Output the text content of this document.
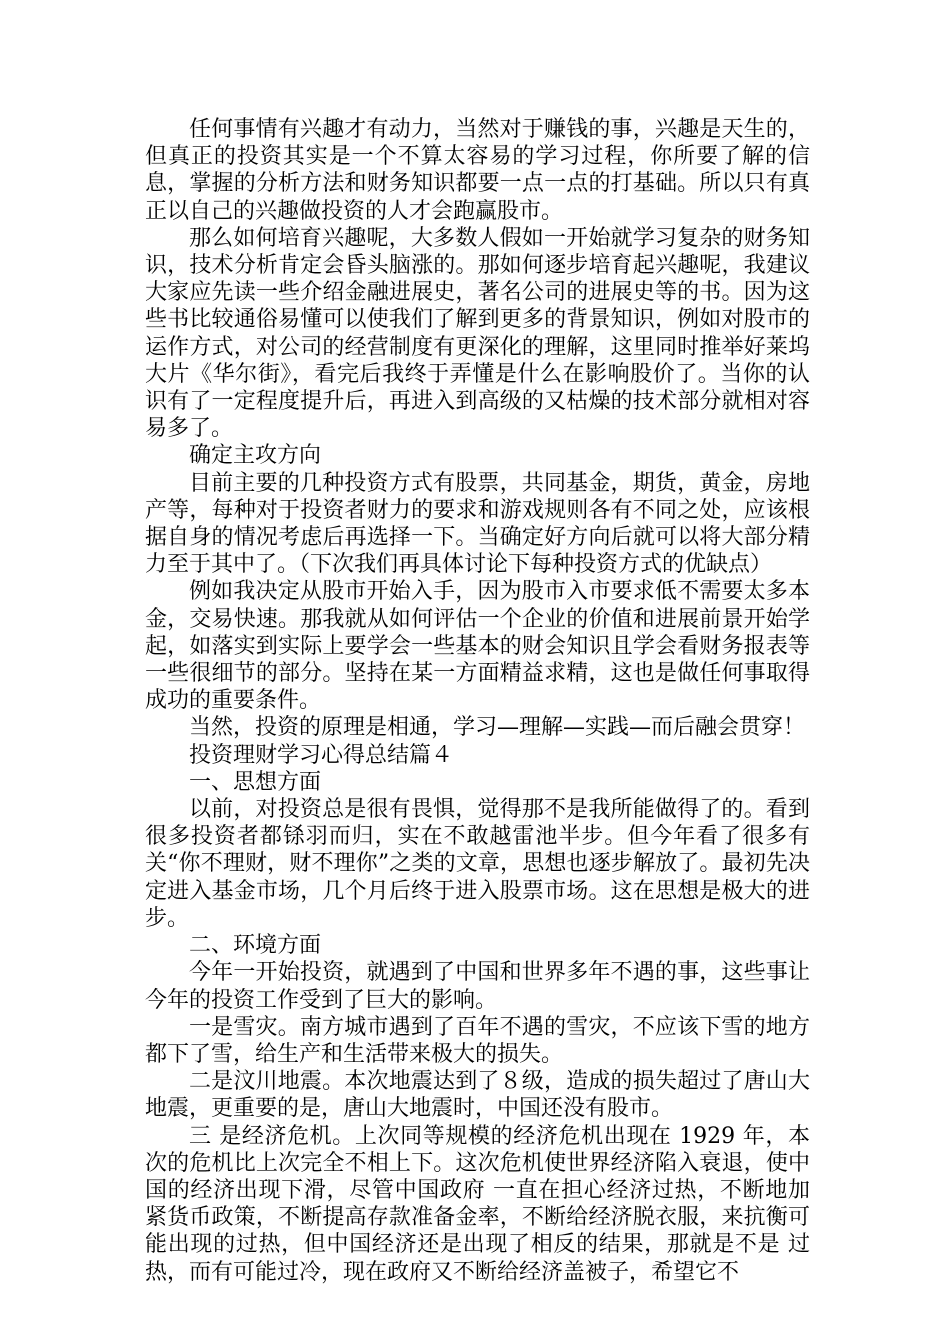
任何事情有兴趣才有动力，当然对于赚钱的事，兴趣是天生的，但真正的投资其实是一个不算太容易的学习过程，你所要了解的信息，掌握的分析方法和财务知识都要一点一点的打基础。所以只有真正以自己的兴趣做投资的人才会跑赢股市。

那么如何培育兴趣呢，大多数人假如一开始就学习复杂的财务知识，技术分析肯定会昏头脑涨的。那如何逐步培育起兴趣呢，我建议大家应先读一些介绍金融进展史，著名公司的进展史等的书。因为这些书比较通俗易懂可以使我们了解到更多的背景知识，例如对股市的运作方式，对公司的经营制度有更深化的理解，这里同时推举好莱坞大片《华尔街》，看完后我终于弄懂是什么在影响股价了。当你的认识有了一定程度提升后，再进入到高级的又枯燥的技术部分就相对容易多了。

确定主攻方向

目前主要的几种投资方式有股票，共同基金，期货，黄金，房地产等，每种对于投资者财力的要求和游戏规则各有不同之处，应该根据自身的情况考虑后再选择一下。当确定好方向后就可以将大部分精力至于其中了。（下次我们再具体讨论下每种投资方式的优缺点）

例如我决定从股市开始入手，因为股市入市要求低不需要太多本金，交易快速。那我就从如何评估一个企业的价值和进展前景开始学起，如落实到实际上要学会一些基本的财会知识且学会看财务报表等一些很细节的部分。坚持在某一方面精益求精，这也是做任何事取得成功的重要条件。

当然，投资的原理是相通，学习—理解—实践—而后融会贯穿！

投资理财学习心得总结篇４

一、思想方面

以前，对投资总是很有畏惧，觉得那不是我所能做得了的。看到很多投资者都铩羽而归，实在不敢越雷池半步。但今年看了很多有关“你不理财，财不理你”之类的文章，思想也逐步解放了。最初先决定进入基金市场，几个月后终于进入股票市场。这在思想是极大的进步。

二、环境方面

今年一开始投资，就遇到了中国和世界多年不遇的事，这些事让今年的投资工作受到了巨大的影响。

一是雪灾。南方城市遇到了百年不遇的雪灾，不应该下雪的地方都下了雪，给生产和生活带来极大的损失。

二是汶川地震。本次地震达到了８级，造成的损失超过了唐山大地震，更重要的是，唐山大地震时，中国还没有股市。

三 是经济危机。上次同等规模的经济危机出现在 1929 年，本次的危机比上次完全不相上下。这次危机使世界经济陷入衰退，使中国的经济出现下滑，尽管中国政府 一直在担心经济过热，不断地加紧货币政策，不断提高存款准备金率，不断给经济脱衣服，来抗衡可能出现的过热，但中国经济还是出现了相反的结果，那就是不是 过热，而有可能过冷，现在政府又不断给经济盖被子，希望它不
